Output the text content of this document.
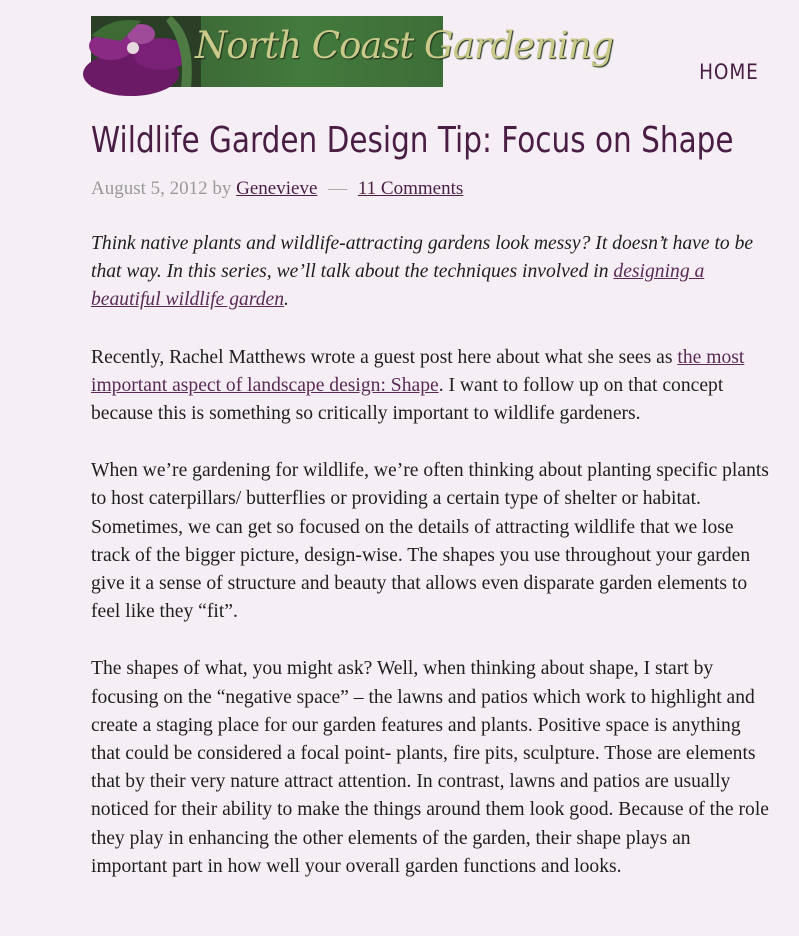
North Coast Gardening
HOME
Wildlife Garden Design Tip: Focus on Shape
August 5, 2012 by Genevieve — 11 Comments

Think native plants and wildlife-attracting gardens look messy? It doesn’t have to be that way. In this series, we’ll talk about the techniques involved in designing a beautiful wildlife garden.

Recently, Rachel Matthews wrote a guest post here about what she sees as the most important aspect of landscape design: Shape. I want to follow up on that concept because this is something so critically important to wildlife gardeners.

When we’re gardening for wildlife, we’re often thinking about planting specific plants to host caterpillars/ butterflies or providing a certain type of shelter or habitat. Sometimes, we can get so focused on the details of attracting wildlife that we lose track of the bigger picture, design-wise. The shapes you use throughout your garden give it a sense of structure and beauty that allows even disparate garden elements to feel like they “fit”.

The shapes of what, you might ask? Well, when thinking about shape, I start by focusing on the “negative space” – the lawns and patios which work to highlight and create a staging place for our garden features and plants. Positive space is anything that could be considered a focal point- plants, fire pits, sculpture. Those are elements that by their very nature attract attention. In contrast, lawns and patios are usually noticed for their ability to make the things around them look good. Because of the role they play in enhancing the other elements of the garden, their shape plays an important part in how well your overall garden functions and looks.
